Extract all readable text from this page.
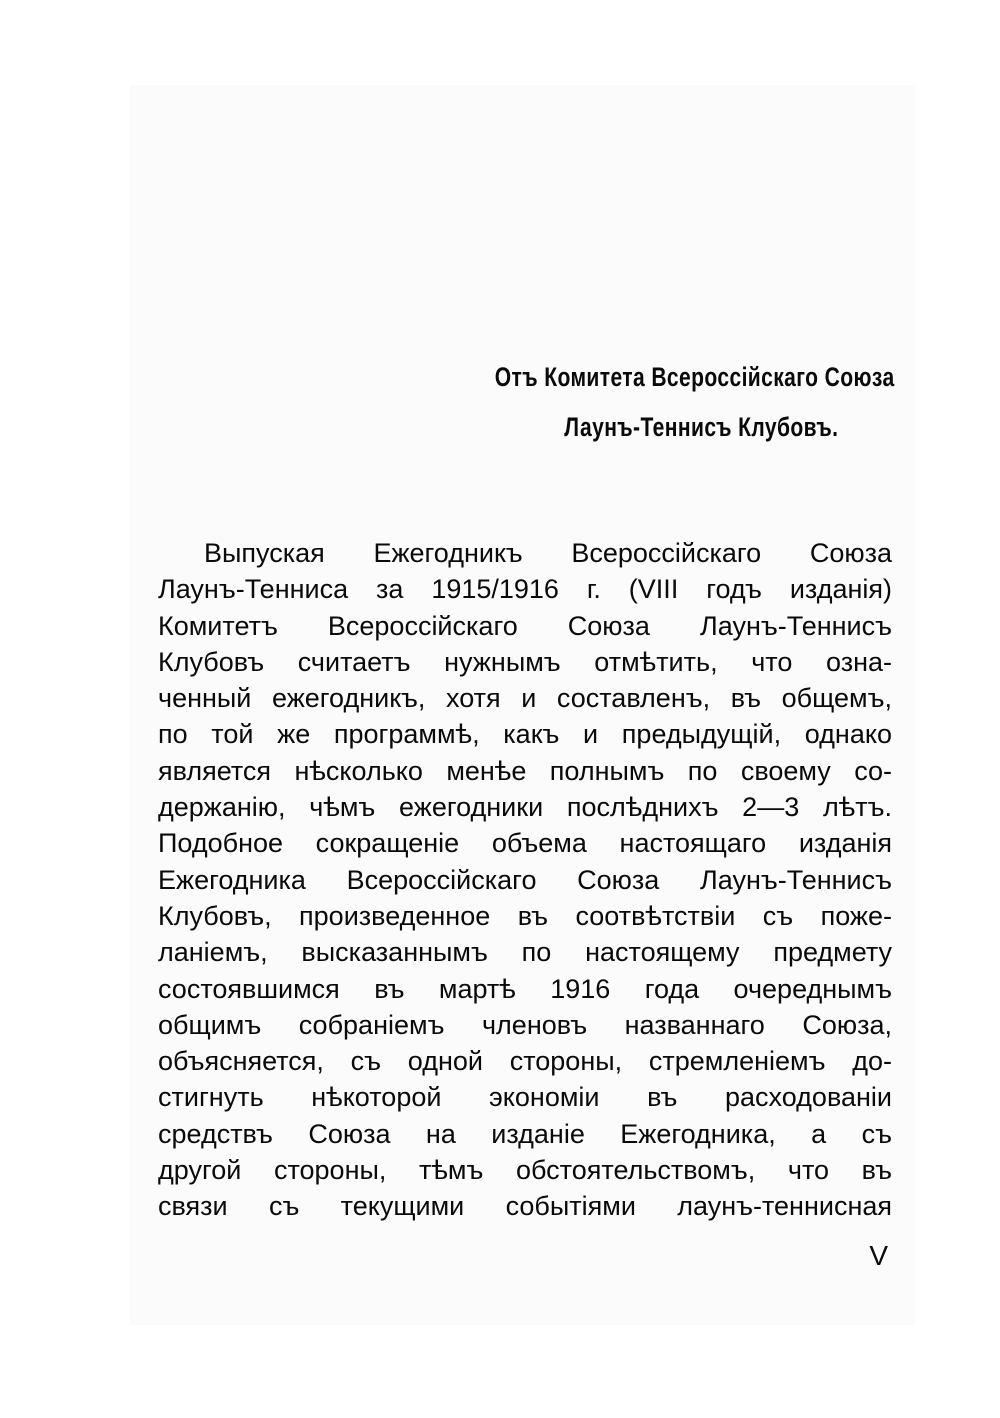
Отъ Комитета Всероссійскаго Союза
Лаунъ-Теннисъ Клубовъ.
Выпуская Ежегодникъ Всероссійскаго Союза
Лаунъ-Тенниса за 1915/1916 г. (VIII годъ изданія)
Комитетъ Всероссійскаго Союза Лаунъ-Теннисъ
Клубовъ считаетъ нужнымъ отмѣтить, что озна-
ченный ежегодникъ, хотя и составленъ, въ общемъ,
по той же программѣ, какъ и предыдущій, однако
является нѣсколько менѣе полнымъ по своему со-
держанію, чѣмъ ежегодники послѣднихъ 2—3 лѣтъ.
Подобное сокращеніе объема настоящаго изданія
Ежегодника Всероссійскаго Союза Лаунъ-Теннисъ
Клубовъ, произведенное въ соотвѣтствіи съ поже-
ланіемъ, высказаннымъ по настоящему предмету
состоявшимся въ мартѣ 1916 года очереднымъ
общимъ собраніемъ членовъ названнаго Союза,
объясняется, съ одной стороны, стремленіемъ до-
стигнуть нѣкоторой экономіи въ расходованіи
средствъ Союза на изданіе Ежегодника, а съ
другой стороны, тѣмъ обстоятельствомъ, что въ
связи съ текущими событіями лаунъ-теннисная
V
